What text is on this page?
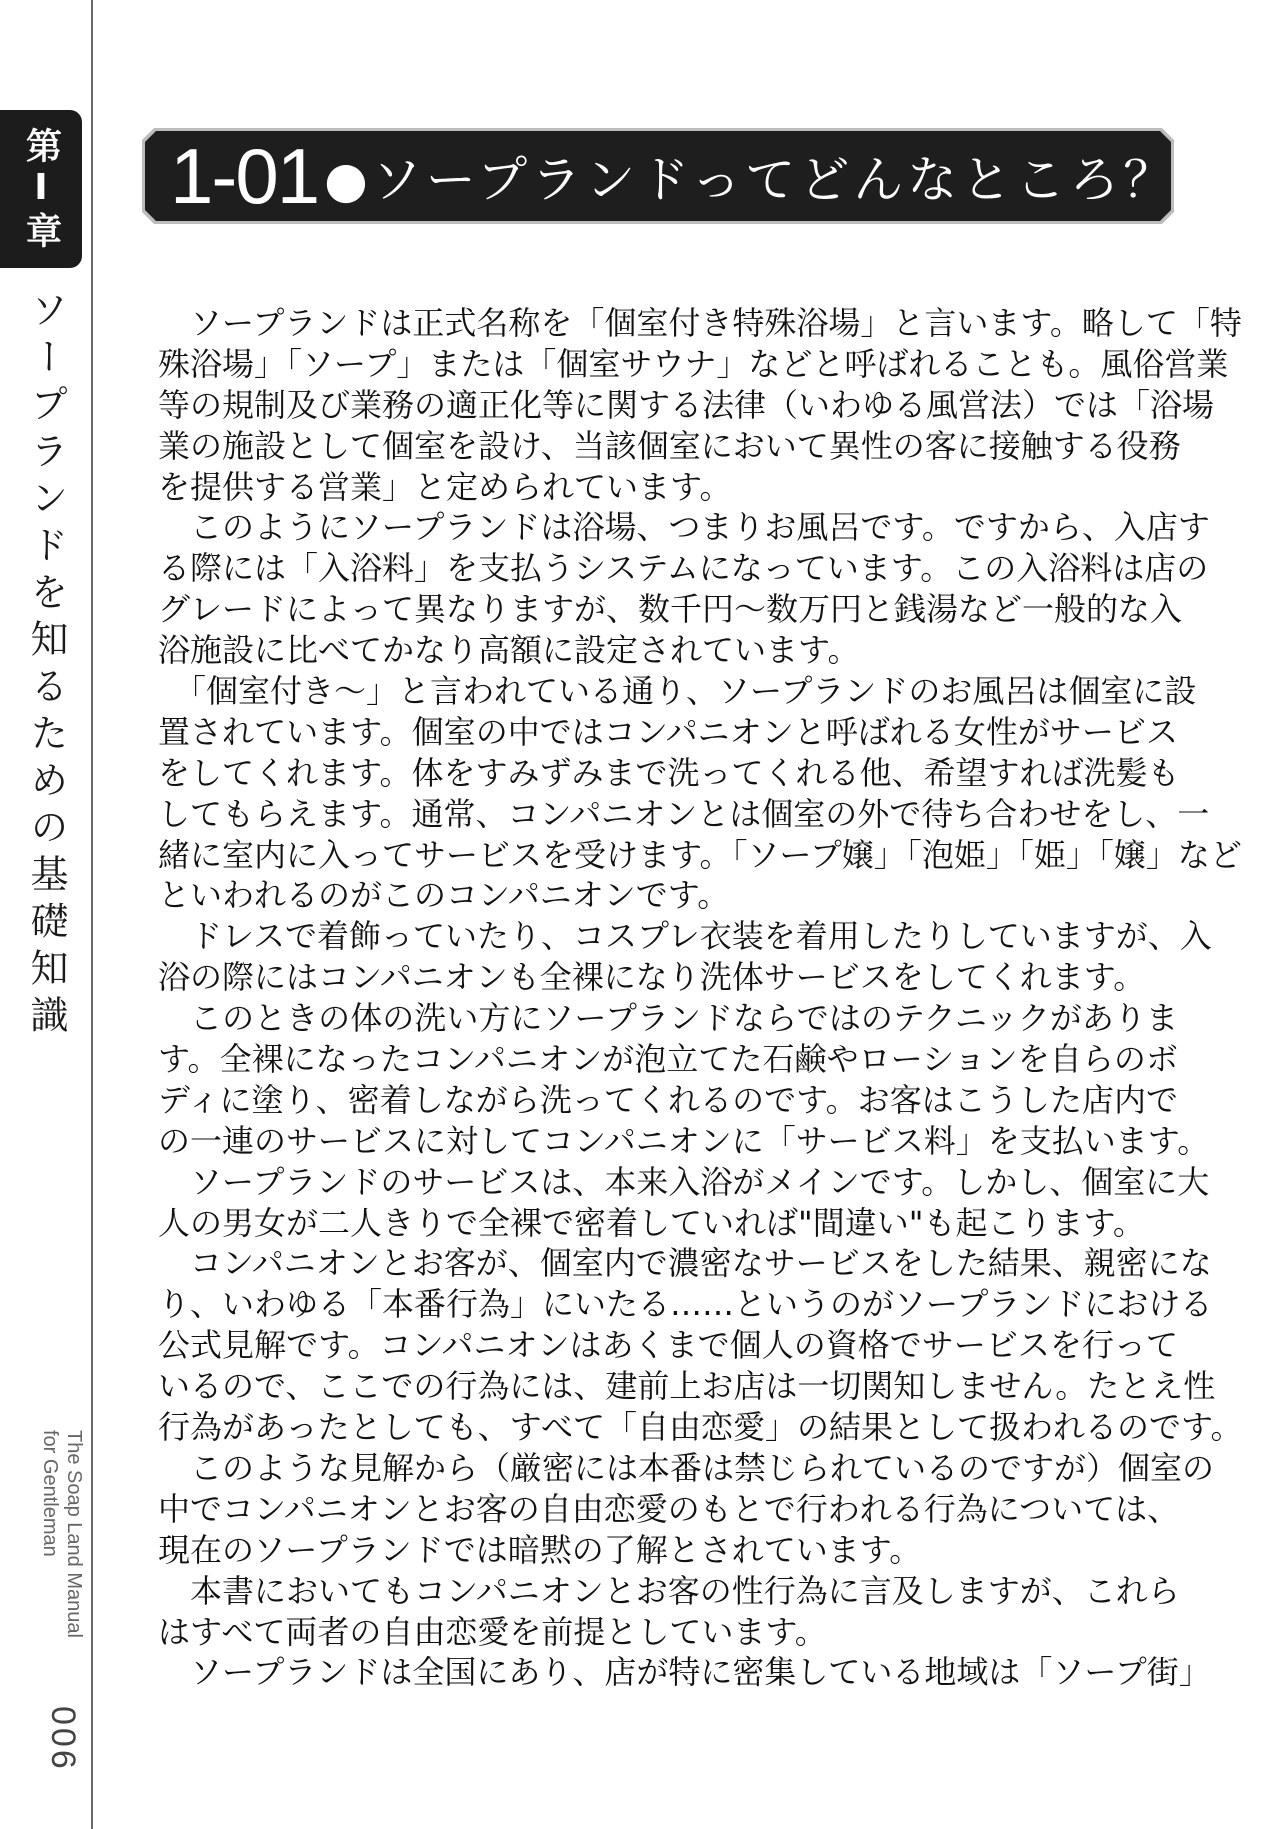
第Ⅰ章
ソープランドを知るための基礎知識
The Soap Land Manual
for Gentleman
006
1-01 ●ソープランドってどんなところ？
　ソープランドは正式名称を「個室付き特殊浴場」と言います。略して「特
殊浴場」「ソープ」または「個室サウナ」などと呼ばれることも。風俗営業
等の規制及び業務の適正化等に関する法律（いわゆる風営法）では「浴場
業の施設として個室を設け、当該個室において異性の客に接触する役務
を提供する営業」と定められています。
　このようにソープランドは浴場、つまりお風呂です。ですから、入店す
る際には「入浴料」を支払うシステムになっています。この入浴料は店の
グレードによって異なりますが、数千円～数万円と銭湯など一般的な入
浴施設に比べてかなり高額に設定されています。
　「個室付き～」と言われている通り、ソープランドのお風呂は個室に設
置されています。個室の中ではコンパニオンと呼ばれる女性がサービス
をしてくれます。体をすみずみまで洗ってくれる他、希望すれば洗髪も
してもらえます。通常、コンパニオンとは個室の外で待ち合わせをし、一
緒に室内に入ってサービスを受けます。「ソープ嬢」「泡姫」「姫」「嬢」など
といわれるのがこのコンパニオンです。
　ドレスで着飾っていたり、コスプレ衣装を着用したりしていますが、入
浴の際にはコンパニオンも全裸になり洗体サービスをしてくれます。
　このときの体の洗い方にソープランドならではのテクニックがありま
す。全裸になったコンパニオンが泡立てた石鹸やローションを自らのボ
ディに塗り、密着しながら洗ってくれるのです。お客はこうした店内で
の一連のサービスに対してコンパニオンに「サービス料」を支払います。
　ソープランドのサービスは、本来入浴がメインです。しかし、個室に大
人の男女が二人きりで全裸で密着していれば"間違い"も起こります。
　コンパニオンとお客が、個室内で濃密なサービスをした結果、親密にな
り、いわゆる「本番行為」にいたる……というのがソープランドにおける
公式見解です。コンパニオンはあくまで個人の資格でサービスを行って
いるので、ここでの行為には、建前上お店は一切関知しません。たとえ性
行為があったとしても、すべて「自由恋愛」の結果として扱われるのです。
　このような見解から（厳密には本番は禁じられているのですが）個室の
中でコンパニオンとお客の自由恋愛のもとで行われる行為については、
現在のソープランドでは暗黙の了解とされています。
　本書においてもコンパニオンとお客の性行為に言及しますが、これら
はすべて両者の自由恋愛を前提としています。
　ソープランドは全国にあり、店が特に密集している地域は「ソープ街」
